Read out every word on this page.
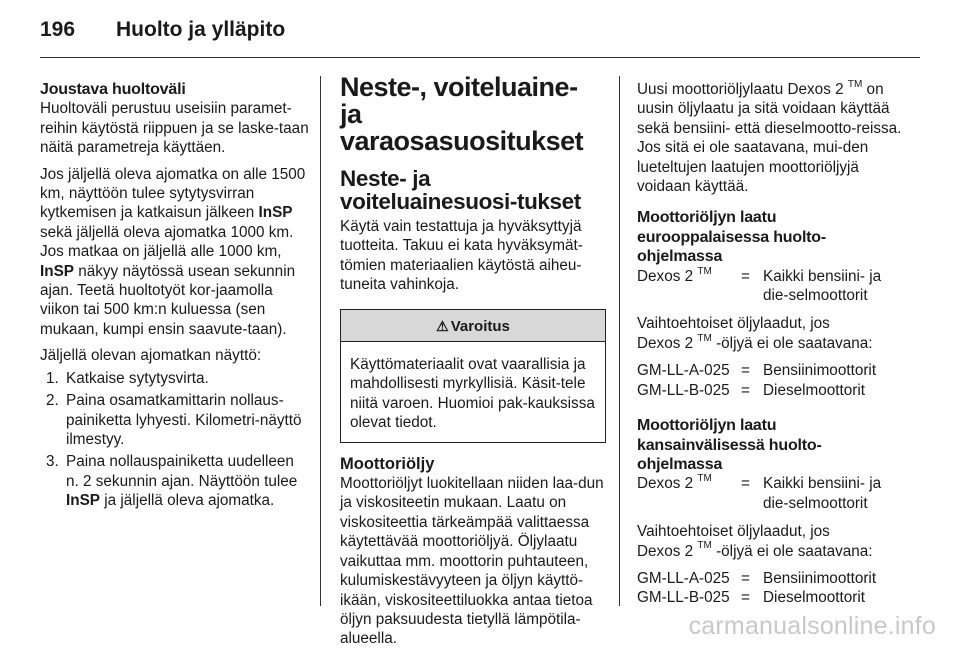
196 Huolto ja ylläpito
Joustava huoltoväli

Huoltoväli perustuu useisiin paramet-reihin käytöstä riippuen ja se laske-taan näitä parametreja käyttäen.

Jos jäljellä oleva ajomatka on alle 1500 km, näyttöön tulee sytytysvirran kytkemisen ja katkaisun jälkeen InSP sekä jäljellä oleva ajomatka 1000 km. Jos matkaa on jäljellä alle 1000 km, InSP näkyy näytössä usean sekunnin ajan. Teetä huoltotyöt kor-jaamolla viikon tai 500 km:n kuluessa (sen mukaan, kumpi ensin saavute-taan).

Jäljellä olevan ajomatkan näyttö:

1. Katkaise sytytysvirta.
2. Paina osamatkamittarin nollaus-painiketta lyhyesti. Kilometri-näyttö ilmestyy.
3. Paina nollauspainiketta uudelleen n. 2 sekunnin ajan. Näyttöön tulee InSP ja jäljellä oleva ajomatka.
Neste-, voiteluaine- ja varaosasuositukset
Neste- ja voiteluainesuosi-tukset

Käytä vain testattuja ja hyväksyttyjä tuotteita. Takuu ei kata hyväksymät-tömien materiaalien käytöstä aiheu-tuneita vahinkoja.

⚠ Varoitus
Käyttömateriaalit ovat vaarallisia ja mahdollisesti myrkyllisiä. Käsit-tele niitä varoen. Huomioi pak-kauksissa olevat tiedot.
Moottoriöljy

Moottoriöljyt luokitellaan niiden laa-dun ja viskositeetin mukaan. Laatu on viskositeettia tärkeämpää valittaessa käytettävää moottoriöljyä. Öljylaatu vaikuttaa mm. moottorin puhtauteen, kulumiskestävyyteen ja öljyn käyttö-ikään, viskositeettiluokka antaa tietoa öljyn paksuudesta tietyllä lämpötila-alueella.

Uusi moottoriöljylaatu Dexos 2 ™ on uusin öljylaatu ja sitä voidaan käyttää sekä bensiini- että dieselmootto-reissa. Jos sitä ei ole saatavana, mui-den lueteltujen laatujen moottoriöljyjä voidaan käyttää.

Moottoriöljyn laatu eurooppalaisessa huolto-ohjelmassa
Dexos 2 ™	= Kaikki bensiini- ja die-selmoottorit

Vaihtoehtoiset öljylaadut, jos
Dexos 2 ™ -öljyä ei ole saatavana:

GM-LL-A-025 = Bensiinimoottorit
GM-LL-B-025 = Dieselmoottorit
Moottoriöljyn laatu kansainvälisessä huolto-ohjelmassa
Dexos 2 ™	= Kaikki bensiini- ja die-selmoottorit

Vaihtoehtoiset öljylaadut, jos
Dexos 2 ™ -öljyä ei ole saatavana:

GM-LL-A-025 = Bensiinimoottorit
GM-LL-B-025 = Dieselmoottorit
carmanualsonline.info
